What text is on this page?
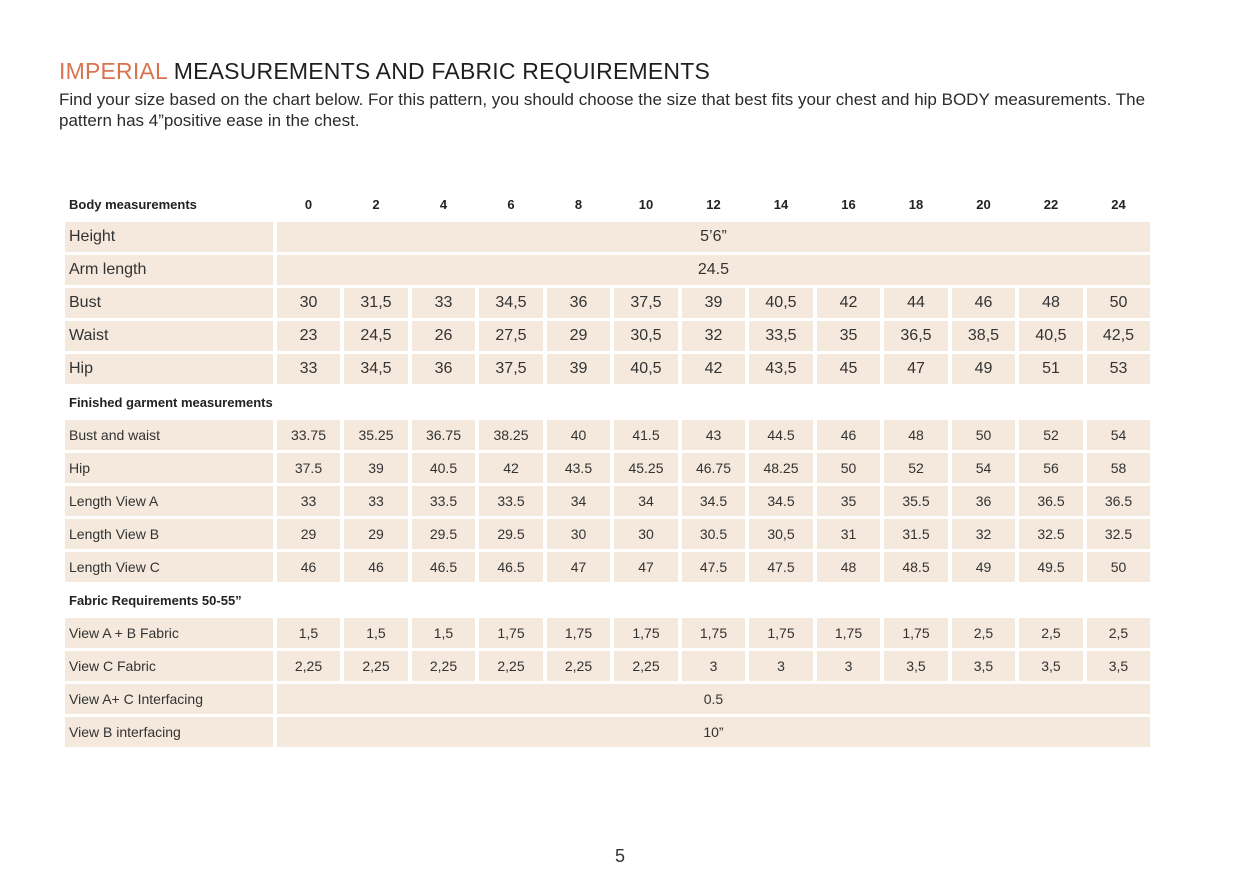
IMPERIAL MEASUREMENTS AND FABRIC REQUIREMENTS
Find your size based on the chart below. For this pattern, you should choose the size that best fits your chest and hip BODY measurements. The pattern has 4”positive ease in the chest.
Body measurements	0	2	4	6	8	10	12	14	16	18	20	22	24
Height	5’6”												
Arm length	24.5												
Bust	30	31,5	33	34,5	36	37,5	39	40,5	42	44	46	48	50
Waist	23	24,5	26	27,5	29	30,5	32	33,5	35	36,5	38,5	40,5	42,5
Hip	33	34,5	36	37,5	39	40,5	42	43,5	45	47	49	51	53
Finished garment measurements													
Bust and waist	33.75	35.25	36.75	38.25	40	41.5	43	44.5	46	48	50	52	54
Hip	37.5	39	40.5	42	43.5	45.25	46.75	48.25	50	52	54	56	58
Length View A	33	33	33.5	33.5	34	34	34.5	34.5	35	35.5	36	36.5	36.5
Length View B	29	29	29.5	29.5	30	30	30.5	30,5	31	31.5	32	32.5	32.5
Length View C	46	46	46.5	46.5	47	47	47.5	47.5	48	48.5	49	49.5	50
Fabric Requirements 50-55”													
View A + B Fabric	1,5	1,5	1,5	1,75	1,75	1,75	1,75	1,75	1,75	1,75	2,5	2,5	2,5
View C Fabric	2,25	2,25	2,25	2,25	2,25	2,25	3	3	3	3,5	3,5	3,5	3,5
View A+ C Interfacing	0.5												
View B interfacing	10”												
5
